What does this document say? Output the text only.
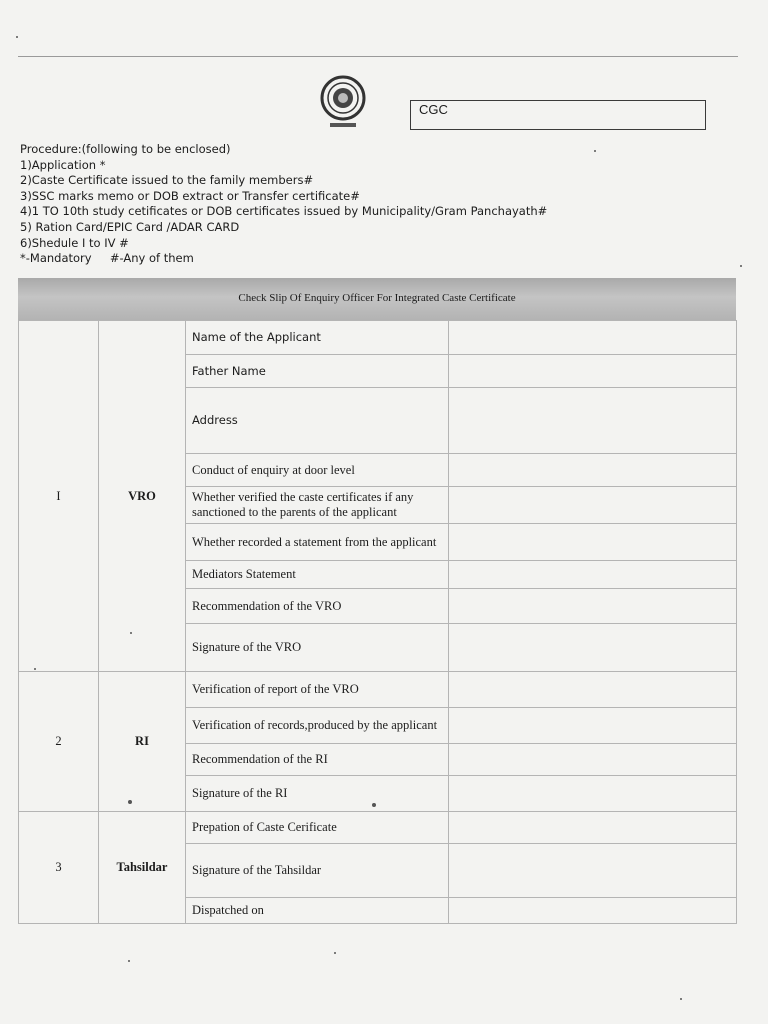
CGC
Procedure:(following to be enclosed)
1)Application *
2)Caste Certificate issued to the family members#
3)SSC marks memo or DOB extract or Transfer certificate#
4)1 TO 10th study cetificates or DOB certificates issued by Municipality/Gram Panchayath#
5) Ration Card/EPIC Card /ADAR CARD
6)Shedule I to IV #
*-Mandatory     #-Any of them
Check Slip Of Enquiry Officer For Integrated Caste Certificate
I	VRO	Name of the Applicant	
		Father Name	
		Address	
		Conduct of enquiry at door level	
		Whether verified the caste certificates if any sanctioned to the parents of the applicant	
		Whether recorded a statement from the applicant	
		Mediators Statement	
		Recommendation of the VRO	
		Signature of the VRO	
2	RI	Verification of report of the VRO	
		Verification of records,produced by the applicant	
		Recommendation of the RI	
		Signature of the RI	
3	Tahsildar	Prepation of Caste Cerificate	
		Signature of the Tahsildar	
		Dispatched on	
